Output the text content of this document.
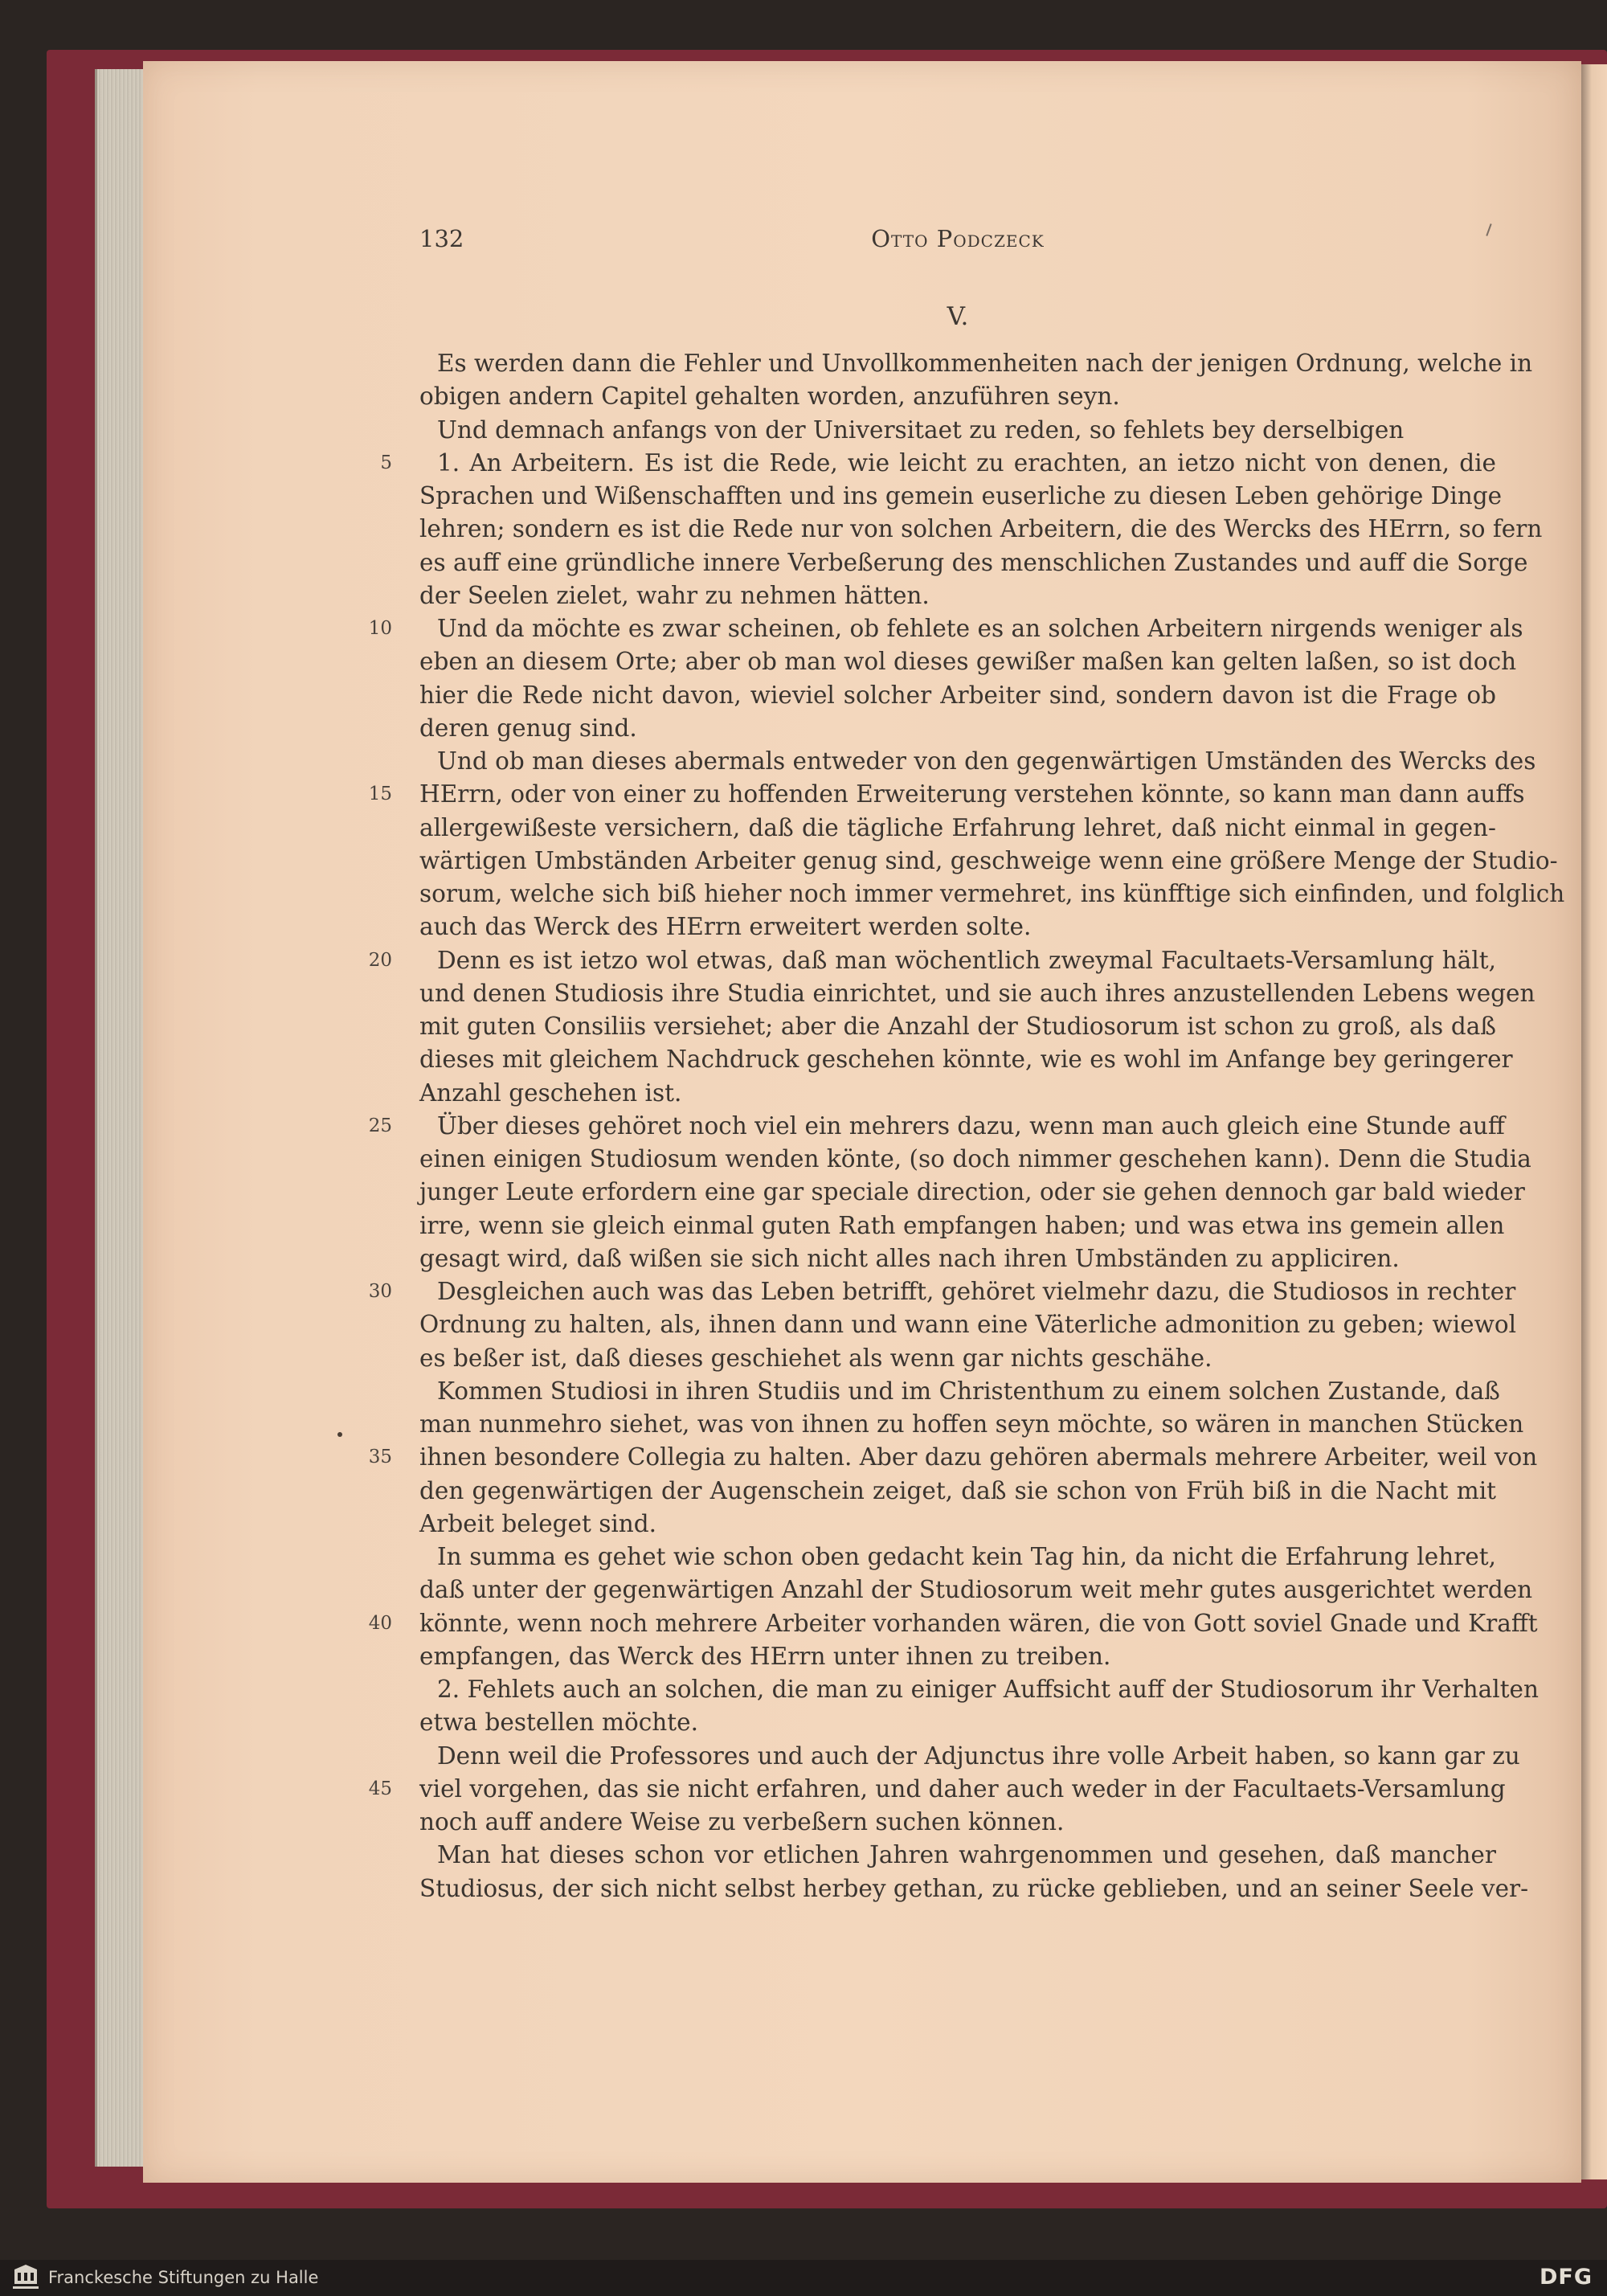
132	Otto Podczeck
V.
Es werden dann die Fehler und Unvollkommenheiten nach der jenigen Ordnung, welche in
obigen andern Capitel gehalten worden, anzuführen seyn.
Und demnach anfangs von der Universitaet zu reden, so fehlets bey derselbigen
5	1. An Arbeitern. Es ist die Rede, wie leicht zu erachten, an ietzo nicht von denen, die
Sprachen und Wißenschafften und ins gemein euserliche zu diesen Leben gehörige Dinge
lehren; sondern es ist die Rede nur von solchen Arbeitern, die des Wercks des HErrn, so fern
es auff eine gründliche innere Verbeßerung des menschlichen Zustandes und auff die Sorge
der Seelen zielet, wahr zu nehmen hätten.
10	Und da möchte es zwar scheinen, ob fehlete es an solchen Arbeitern nirgends weniger als
eben an diesem Orte; aber ob man wol dieses gewißer maßen kan gelten laßen, so ist doch
hier die Rede nicht davon, wieviel solcher Arbeiter sind, sondern davon ist die Frage ob
deren genug sind.
Und ob man dieses abermals entweder von den gegenwärtigen Umständen des Wercks des
15	HErrn, oder von einer zu hoffenden Erweiterung verstehen könnte, so kann man dann auffs
allergewißeste versichern, daß die tägliche Erfahrung lehret, daß nicht einmal in gegen-
wärtigen Umbständen Arbeiter genug sind, geschweige wenn eine größere Menge der Studio-
sorum, welche sich biß hieher noch immer vermehret, ins künfftige sich einfinden, und folglich
auch das Werck des HErrn erweitert werden solte.
20	Denn es ist ietzo wol etwas, daß man wöchentlich zweymal Facultaets-Versamlung hält,
und denen Studiosis ihre Studia einrichtet, und sie auch ihres anzustellenden Lebens wegen
mit guten Consiliis versiehet; aber die Anzahl der Studiosorum ist schon zu groß, als daß
dieses mit gleichem Nachdruck geschehen könnte, wie es wohl im Anfange bey geringerer
Anzahl geschehen ist.
25	Über dieses gehöret noch viel ein mehrers dazu, wenn man auch gleich eine Stunde auff
einen einigen Studiosum wenden könte, (so doch nimmer geschehen kann). Denn die Studia
junger Leute erfordern eine gar speciale direction, oder sie gehen dennoch gar bald wieder
irre, wenn sie gleich einmal guten Rath empfangen haben; und was etwa ins gemein allen
gesagt wird, daß wißen sie sich nicht alles nach ihren Umbständen zu appliciren.
30	Desgleichen auch was das Leben betrifft, gehöret vielmehr dazu, die Studiosos in rechter
Ordnung zu halten, als, ihnen dann und wann eine Väterliche admonition zu geben; wiewol
es beßer ist, daß dieses geschiehet als wenn gar nichts geschähe.
Kommen Studiosi in ihren Studiis und im Christenthum zu einem solchen Zustande, daß
man nunmehro siehet, was von ihnen zu hoffen seyn möchte, so wären in manchen Stücken
35	ihnen besondere Collegia zu halten. Aber dazu gehören abermals mehrere Arbeiter, weil von
den gegenwärtigen der Augenschein zeiget, daß sie schon von Früh biß in die Nacht mit
Arbeit beleget sind.
In summa es gehet wie schon oben gedacht kein Tag hin, da nicht die Erfahrung lehret,
daß unter der gegenwärtigen Anzahl der Studiosorum weit mehr gutes ausgerichtet werden
40	könnte, wenn noch mehrere Arbeiter vorhanden wären, die von Gott soviel Gnade und Krafft
empfangen, das Werck des HErrn unter ihnen zu treiben.
2. Fehlets auch an solchen, die man zu einiger Auffsicht auff der Studiosorum ihr Verhalten
etwa bestellen möchte.
Denn weil die Professores und auch der Adjunctus ihre volle Arbeit haben, so kann gar zu
45	viel vorgehen, das sie nicht erfahren, und daher auch weder in der Facultaets-Versamlung
noch auff andere Weise zu verbeßern suchen können.
Man hat dieses schon vor etlichen Jahren wahrgenommen und gesehen, daß mancher
Studiosus, der sich nicht selbst herbey gethan, zu rücke geblieben, und an seiner Seele ver-
Franckesche Stiftungen zu Halle	DFG
